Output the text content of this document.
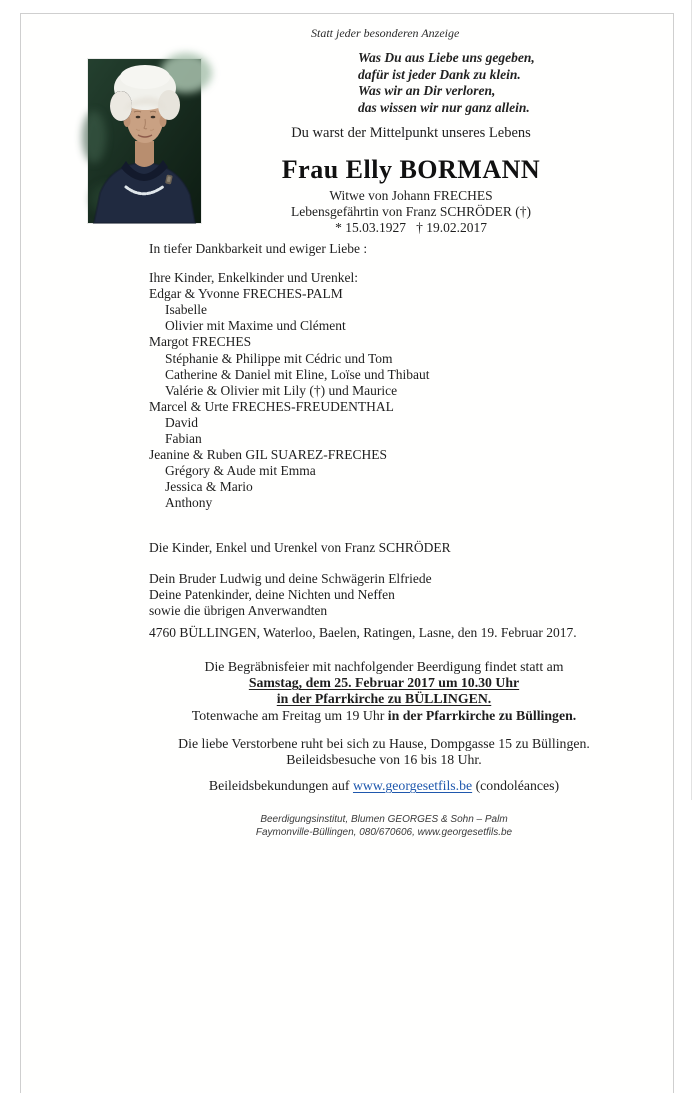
Statt jeder besonderen Anzeige
Was Du aus Liebe uns gegeben,
dafür ist jeder Dank zu klein.
Was wir an Dir verloren,
das wissen wir nur ganz allein.
Du warst der Mittelpunkt unseres Lebens
Frau Elly BORMANN
Witwe von Johann FRECHES
Lebensgefährtin von Franz SCHRÖDER (†)
* 15.03.1927   † 19.02.2017
In tiefer Dankbarkeit und ewiger Liebe :
Ihre Kinder, Enkelkinder und Urenkel:
Edgar & Yvonne FRECHES-PALM
Isabelle
Olivier mit Maxime und Clément
Margot FRECHES
Stéphanie & Philippe mit Cédric und Tom
Catherine & Daniel mit Eline, Loïse und Thibaut
Valérie & Olivier mit Lily (†) und Maurice
Marcel & Urte FRECHES-FREUDENTHAL
David
Fabian
Jeanine & Ruben GIL SUAREZ-FRECHES
Grégory & Aude mit Emma
Jessica & Mario
Anthony
Die Kinder, Enkel und Urenkel von Franz SCHRÖDER
Dein Bruder Ludwig und deine Schwägerin Elfriede
Deine Patenkinder, deine Nichten und Neffen
sowie die übrigen Anverwandten
4760 BÜLLINGEN, Waterloo, Baelen, Ratingen, Lasne, den 19. Februar 2017.
Die Begräbnisfeier mit nachfolgender Beerdigung findet statt am
Samstag, dem 25. Februar 2017 um 10.30 Uhr
in der Pfarrkirche zu BÜLLINGEN.
Totenwache am Freitag um 19 Uhr in der Pfarrkirche zu Büllingen.
Die liebe Verstorbene ruht bei sich zu Hause, Dompgasse 15 zu Büllingen.
Beileidsbesuche von 16 bis 18 Uhr.
Beileidsbekundungen auf www.georgesetfils.be (condoléances)
Beerdigungsinstitut, Blumen GEORGES & Sohn – Palm
Faymonville-Büllingen, 080/670606, www.georgesetfils.be
